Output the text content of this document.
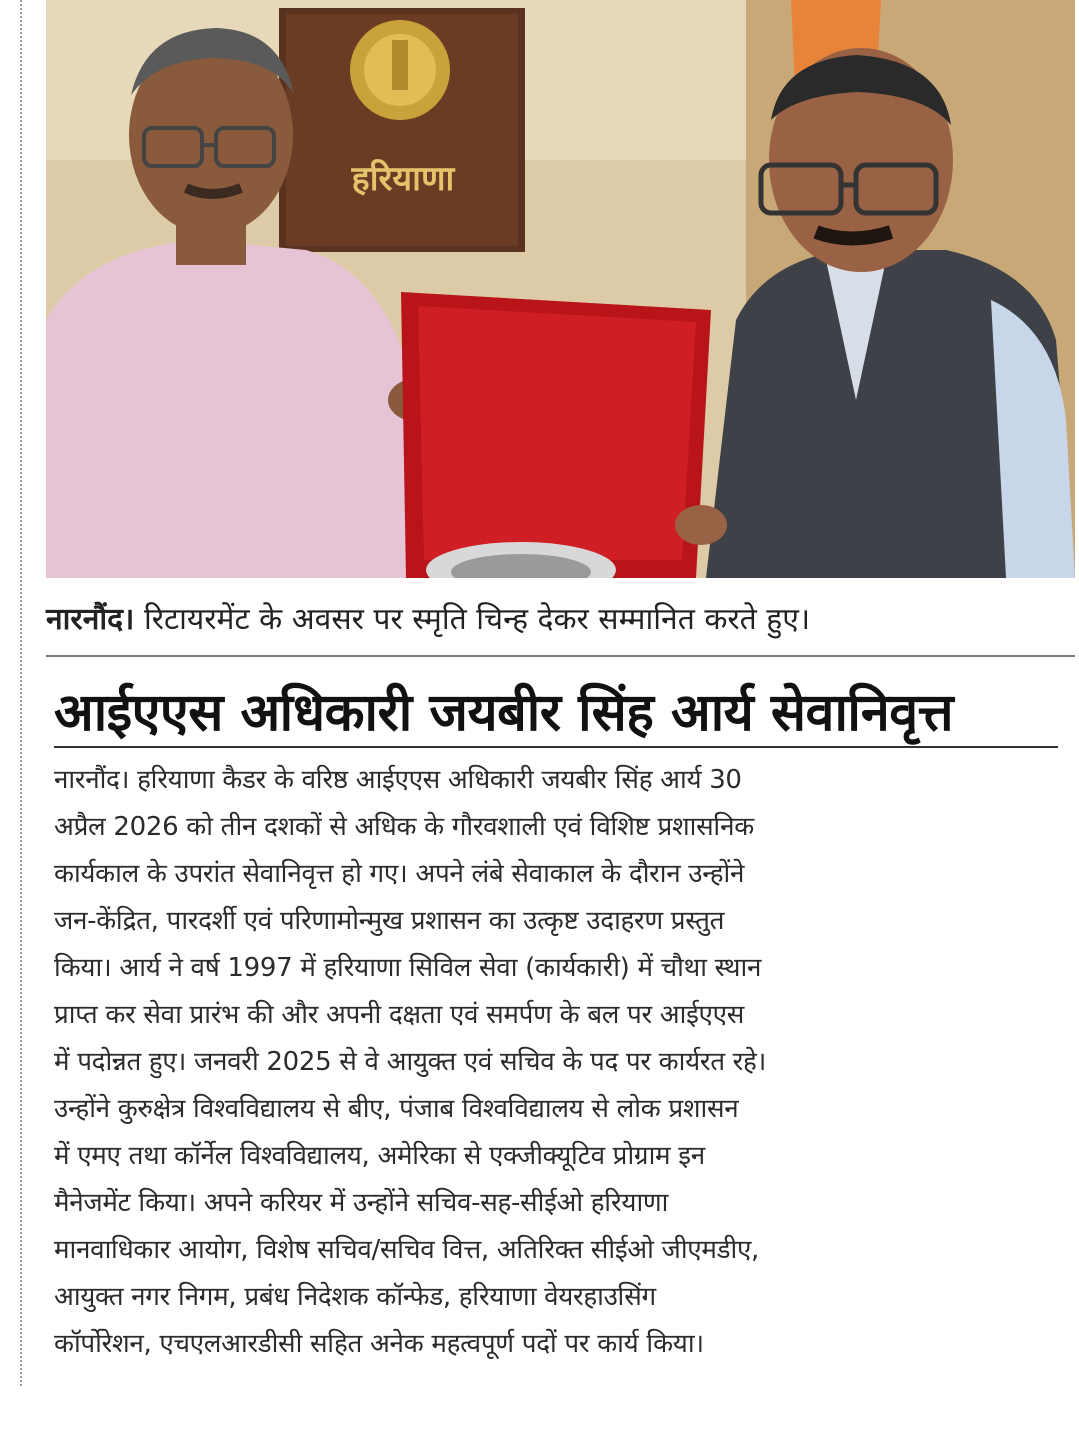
हरियाणा
नारनौंद। रिटायरमेंट के अवसर पर स्मृति चिन्ह देकर सम्मानित करते हुए।
आईएएस अधिकारी जयबीर सिंह आर्य सेवानिवृत्त
नारनौंद। हरियाणा कैडर के वरिष्ठ आईएएस अधिकारी जयबीर सिंह आर्य 30
अप्रैल 2026 को तीन दशकों से अधिक के गौरवशाली एवं विशिष्ट प्रशासनिक
कार्यकाल के उपरांत सेवानिवृत्त हो गए। अपने लंबे सेवाकाल के दौरान उन्होंने
जन-केंद्रित, पारदर्शी एवं परिणामोन्मुख प्रशासन का उत्कृष्ट उदाहरण प्रस्तुत
किया। आर्य ने वर्ष 1997 में हरियाणा सिविल सेवा (कार्यकारी) में चौथा स्थान
प्राप्त कर सेवा प्रारंभ की और अपनी दक्षता एवं समर्पण के बल पर आईएएस
में पदोन्नत हुए। जनवरी 2025 से वे आयुक्त एवं सचिव के पद पर कार्यरत रहे।
उन्होंने कुरुक्षेत्र विश्वविद्यालय से बीए, पंजाब विश्वविद्यालय से लोक प्रशासन
में एमए तथा कॉर्नेल विश्वविद्यालय, अमेरिका से एक्जीक्यूटिव प्रोग्राम इन
मैनेजमेंट किया। अपने करियर में उन्होंने सचिव-सह-सीईओ हरियाणा
मानवाधिकार आयोग, विशेष सचिव/सचिव वित्त, अतिरिक्त सीईओ जीएमडीए,
आयुक्त नगर निगम, प्रबंध निदेशक कॉन्फेड, हरियाणा वेयरहाउसिंग
कॉर्पोरेशन, एचएलआरडीसी सहित अनेक महत्वपूर्ण पदों पर कार्य किया।
